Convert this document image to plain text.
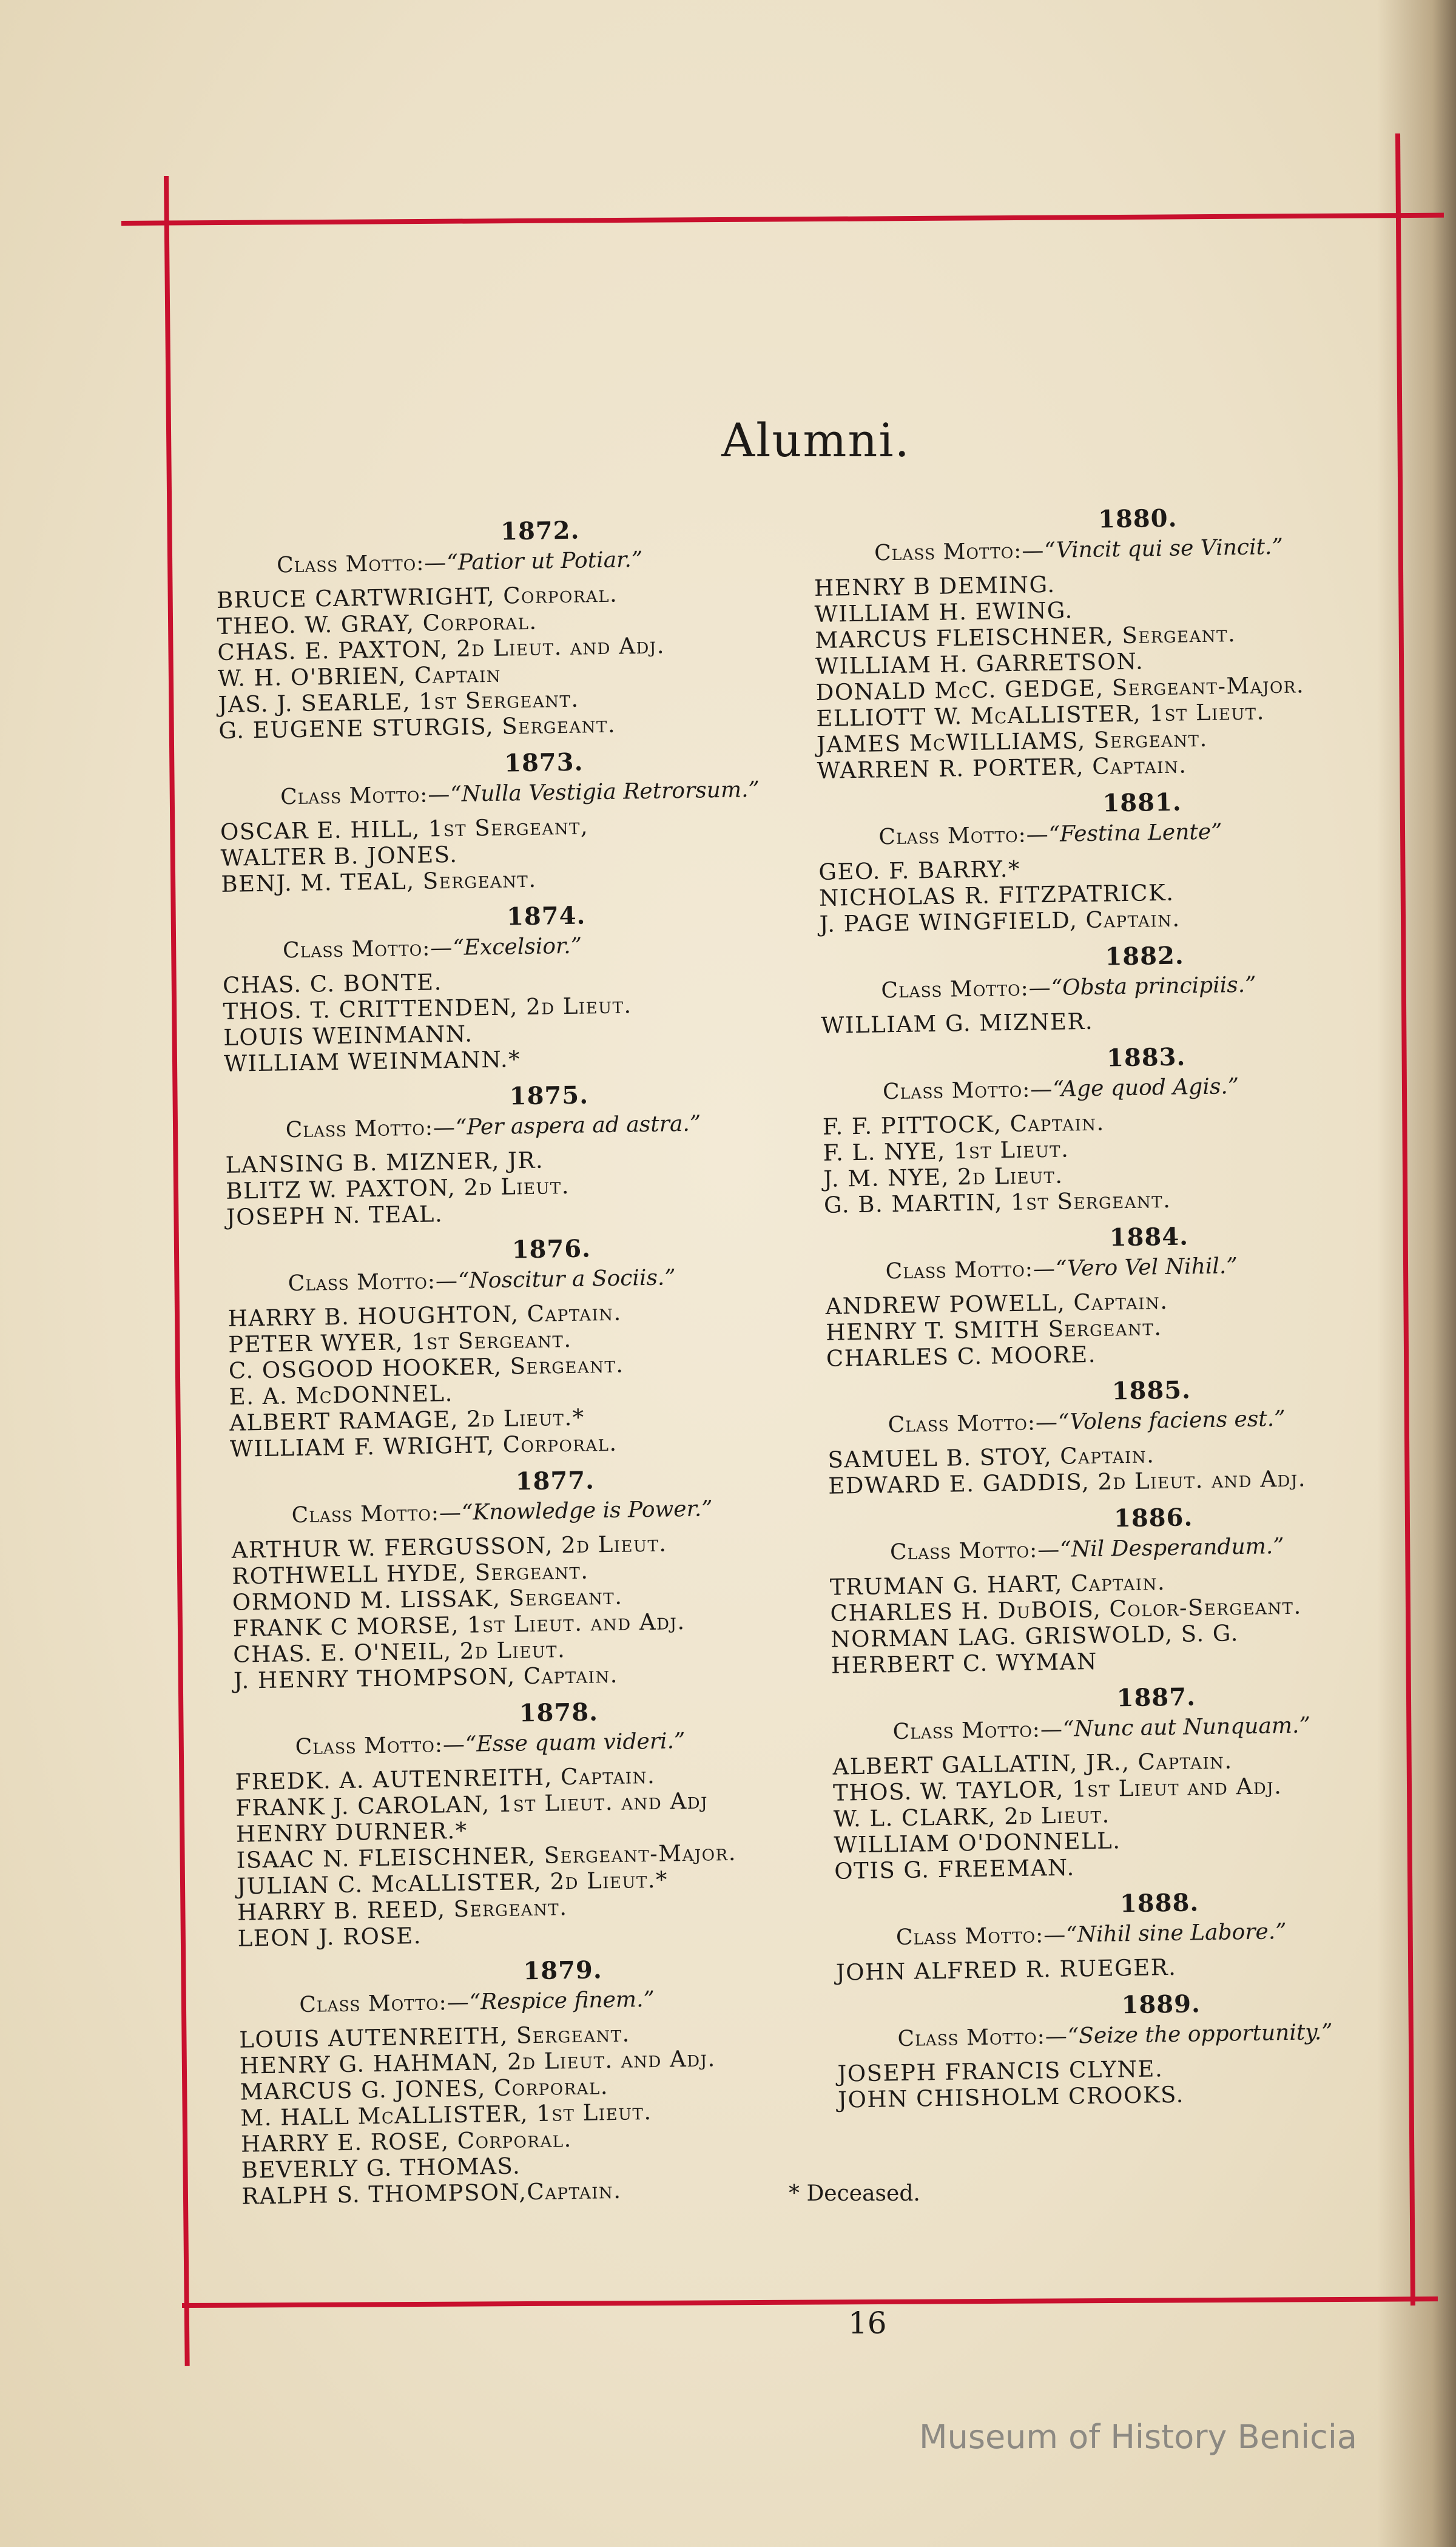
Alumni.
1872.
Class Motto:—“Patior ut Potiar.”
BRUCE CARTWRIGHT, Corporal.
THEO. W. GRAY, Corporal.
CHAS. E. PAXTON, 2d Lieut. and Adj.
W. H. O'BRIEN, Captain
JAS. J. SEARLE, 1st Sergeant.
G. EUGENE STURGIS, Sergeant.
1873.
Class Motto:—“Nulla Vestigia Retrorsum.”
OSCAR E. HILL, 1st Sergeant,
WALTER B. JONES.
BENJ. M. TEAL, Sergeant.
1874.
Class Motto:—“Excelsior.”
CHAS. C. BONTE.
THOS. T. CRITTENDEN, 2d Lieut.
LOUIS WEINMANN.
WILLIAM WEINMANN.*
1875.
Class Motto:—“Per aspera ad astra.”
LANSING B. MIZNER, JR.
BLITZ W. PAXTON, 2d Lieut.
JOSEPH N. TEAL.
1876.
Class Motto:—“Noscitur a Sociis.”
HARRY B. HOUGHTON, Captain.
PETER WYER, 1st Sergeant.
C. OSGOOD HOOKER, Sergeant.
E. A. McDONNEL.
ALBERT RAMAGE, 2d Lieut.*
WILLIAM F. WRIGHT, Corporal.
1877.
Class Motto:—“Knowledge is Power.”
ARTHUR W. FERGUSSON, 2d Lieut.
ROTHWELL HYDE, Sergeant.
ORMOND M. LISSAK, Sergeant.
FRANK C MORSE, 1st Lieut. and Adj.
CHAS. E. O'NEIL, 2d Lieut.
J. HENRY THOMPSON, Captain.
1878.
Class Motto:—“Esse quam videri.”
FREDK. A. AUTENREITH, Captain.
FRANK J. CAROLAN, 1st Lieut. and Adj
HENRY DURNER.*
ISAAC N. FLEISCHNER, Sergeant-Major.
JULIAN C. McALLISTER, 2d Lieut.*
HARRY B. REED, Sergeant.
LEON J. ROSE.
1879.
Class Motto:—“Respice finem.”
LOUIS AUTENREITH, Sergeant.
HENRY G. HAHMAN, 2d Lieut. and Adj.
MARCUS G. JONES, Corporal.
M. HALL McALLISTER, 1st Lieut.
HARRY E. ROSE, Corporal.
BEVERLY G. THOMAS.
RALPH S. THOMPSON,Captain.
1880.
Class Motto:—“Vincit qui se Vincit.”
HENRY B DEMING.
WILLIAM H. EWING.
MARCUS FLEISCHNER, Sergeant.
WILLIAM H. GARRETSON.
DONALD McC. GEDGE, Sergeant-Major.
ELLIOTT W. McALLISTER, 1st Lieut.
JAMES McWILLIAMS, Sergeant.
WARREN R. PORTER, Captain.
1881.
Class Motto:—“Festina Lente”
GEO. F. BARRY.*
NICHOLAS R. FITZPATRICK.
J. PAGE WINGFIELD, Captain.
1882.
Class Motto:—“Obsta principiis.”
WILLIAM G. MIZNER.
1883.
Class Motto:—“Age quod Agis.”
F. F. PITTOCK, Captain.
F. L. NYE, 1st Lieut.
J. M. NYE, 2d Lieut.
G. B. MARTIN, 1st Sergeant.
1884.
Class Motto:—“Vero Vel Nihil.”
ANDREW POWELL, Captain.
HENRY T. SMITH Sergeant.
CHARLES C. MOORE.
1885.
Class Motto:—“Volens faciens est.”
SAMUEL B. STOY, Captain.
EDWARD E. GADDIS, 2d Lieut. and Adj.
1886.
Class Motto:—“Nil Desperandum.”
TRUMAN G. HART, Captain.
CHARLES H. DuBOIS, Color-Sergeant.
NORMAN LAG. GRISWOLD, S. G.
HERBERT C. WYMAN
1887.
Class Motto:—“Nunc aut Nunquam.”
ALBERT GALLATIN, JR., Captain.
THOS. W. TAYLOR, 1st Lieut and Adj.
W. L. CLARK, 2d Lieut.
WILLIAM O'DONNELL.
OTIS G. FREEMAN.
1888.
Class Motto:—“Nihil sine Labore.”
JOHN ALFRED R. RUEGER.
1889.
Class Motto:—“Seize the opportunity.”
JOSEPH FRANCIS CLYNE.
JOHN CHISHOLM CROOKS.
* Deceased.
16
Museum of History Benicia
